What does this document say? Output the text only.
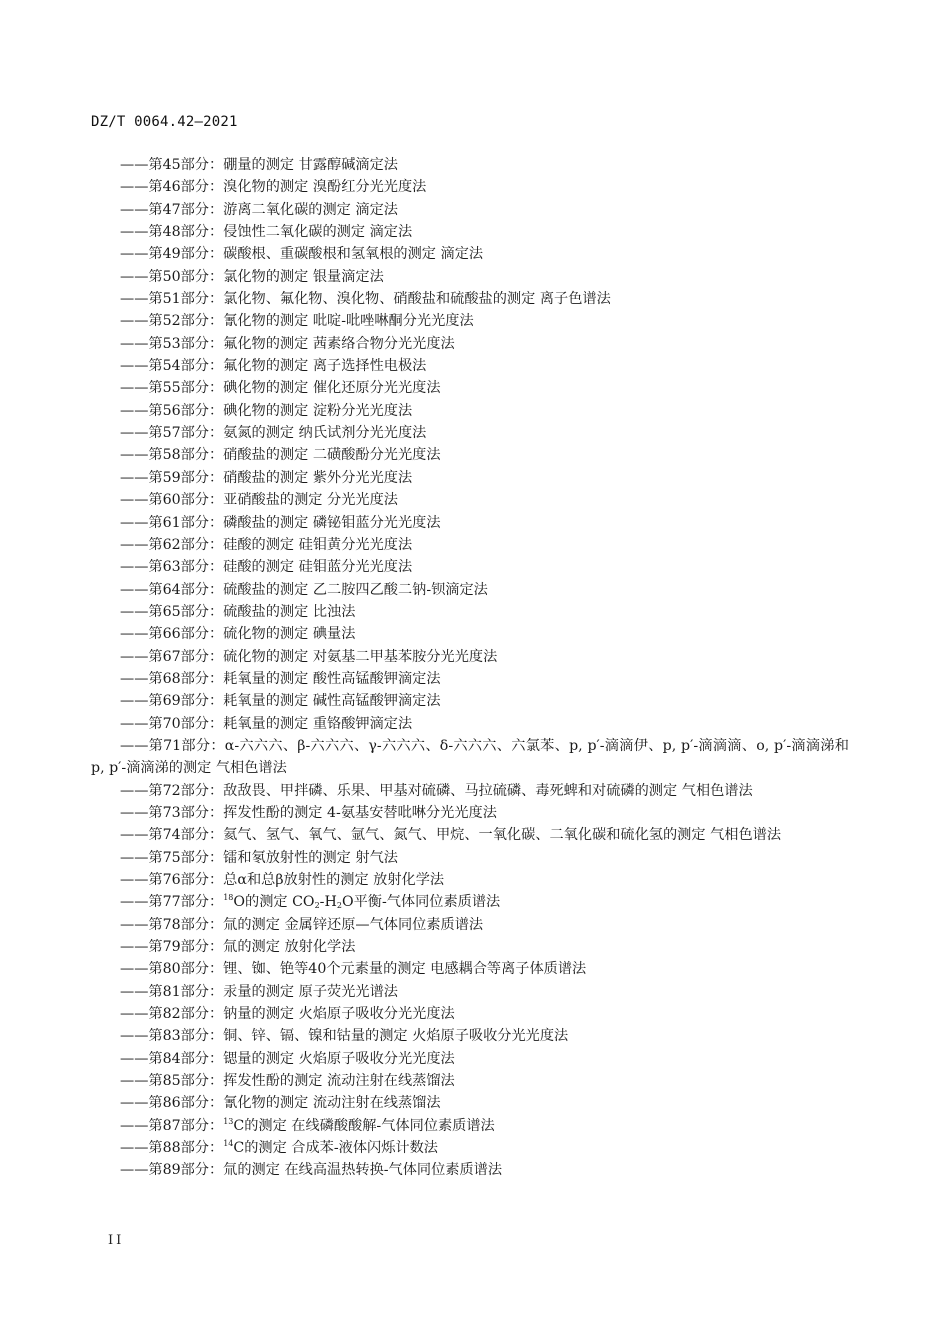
DZ/T 0064.42—2021
——第45部分：硼量的测定 甘露醇碱滴定法
——第46部分：溴化物的测定 溴酚红分光光度法
——第47部分：游离二氧化碳的测定 滴定法
——第48部分：侵蚀性二氧化碳的测定 滴定法
——第49部分：碳酸根、重碳酸根和氢氧根的测定 滴定法
——第50部分：氯化物的测定 银量滴定法
——第51部分：氯化物、氟化物、溴化物、硝酸盐和硫酸盐的测定 离子色谱法
——第52部分：氰化物的测定 吡啶-吡唑啉酮分光光度法
——第53部分：氟化物的测定 茜素络合物分光光度法
——第54部分：氟化物的测定 离子选择性电极法
——第55部分：碘化物的测定 催化还原分光光度法
——第56部分：碘化物的测定 淀粉分光光度法
——第57部分：氨氮的测定 纳氏试剂分光光度法
——第58部分：硝酸盐的测定 二磺酸酚分光光度法
——第59部分：硝酸盐的测定 紫外分光光度法
——第60部分：亚硝酸盐的测定 分光光度法
——第61部分：磷酸盐的测定 磷铋钼蓝分光光度法
——第62部分：硅酸的测定 硅钼黄分光光度法
——第63部分：硅酸的测定 硅钼蓝分光光度法
——第64部分：硫酸盐的测定 乙二胺四乙酸二钠-钡滴定法
——第65部分：硫酸盐的测定 比浊法
——第66部分：硫化物的测定 碘量法
——第67部分：硫化物的测定 对氨基二甲基苯胺分光光度法
——第68部分：耗氧量的测定 酸性高锰酸钾滴定法
——第69部分：耗氧量的测定 碱性高锰酸钾滴定法
——第70部分：耗氧量的测定 重铬酸钾滴定法
——第71部分：α-六六六、β-六六六、γ-六六六、δ-六六六、六氯苯、p, p′-滴滴伊、p, p′-滴滴滴、o, p′-滴滴涕和p, p′-滴滴涕的测定 气相色谱法
——第72部分：敌敌畏、甲拌磷、乐果、甲基对硫磷、马拉硫磷、毒死蜱和对硫磷的测定 气相色谱法
——第73部分：挥发性酚的测定 4-氨基安替吡啉分光光度法
——第74部分：氦气、氢气、氧气、氩气、氮气、甲烷、一氧化碳、二氧化碳和硫化氢的测定 气相色谱法
——第75部分：镭和氡放射性的测定 射气法
——第76部分：总α和总β放射性的测定 放射化学法
——第77部分：$^{18}$O的测定 $CO_2-H_2O$平衡-气体同位素质谱法
——第78部分：氚的测定 金属锌还原—气体同位素质谱法
——第79部分：氚的测定 放射化学法
——第80部分：锂、铷、铯等40个元素量的测定 电感耦合等离子体质谱法
——第81部分：汞量的测定 原子荧光光谱法
——第82部分：钠量的测定 火焰原子吸收分光光度法
——第83部分：铜、锌、镉、镍和钴量的测定 火焰原子吸收分光光度法
——第84部分：锶量的测定 火焰原子吸收分光光度法
——第85部分：挥发性酚的测定 流动注射在线蒸馏法
——第86部分：氰化物的测定 流动注射在线蒸馏法
——第87部分：$^{13}$C的测定 在线磷酸酸解-气体同位素质谱法
——第88部分：$^{14}$C的测定 合成苯-液体闪烁计数法
——第89部分：氚的测定 在线高温热转换-气体同位素质谱法
II
